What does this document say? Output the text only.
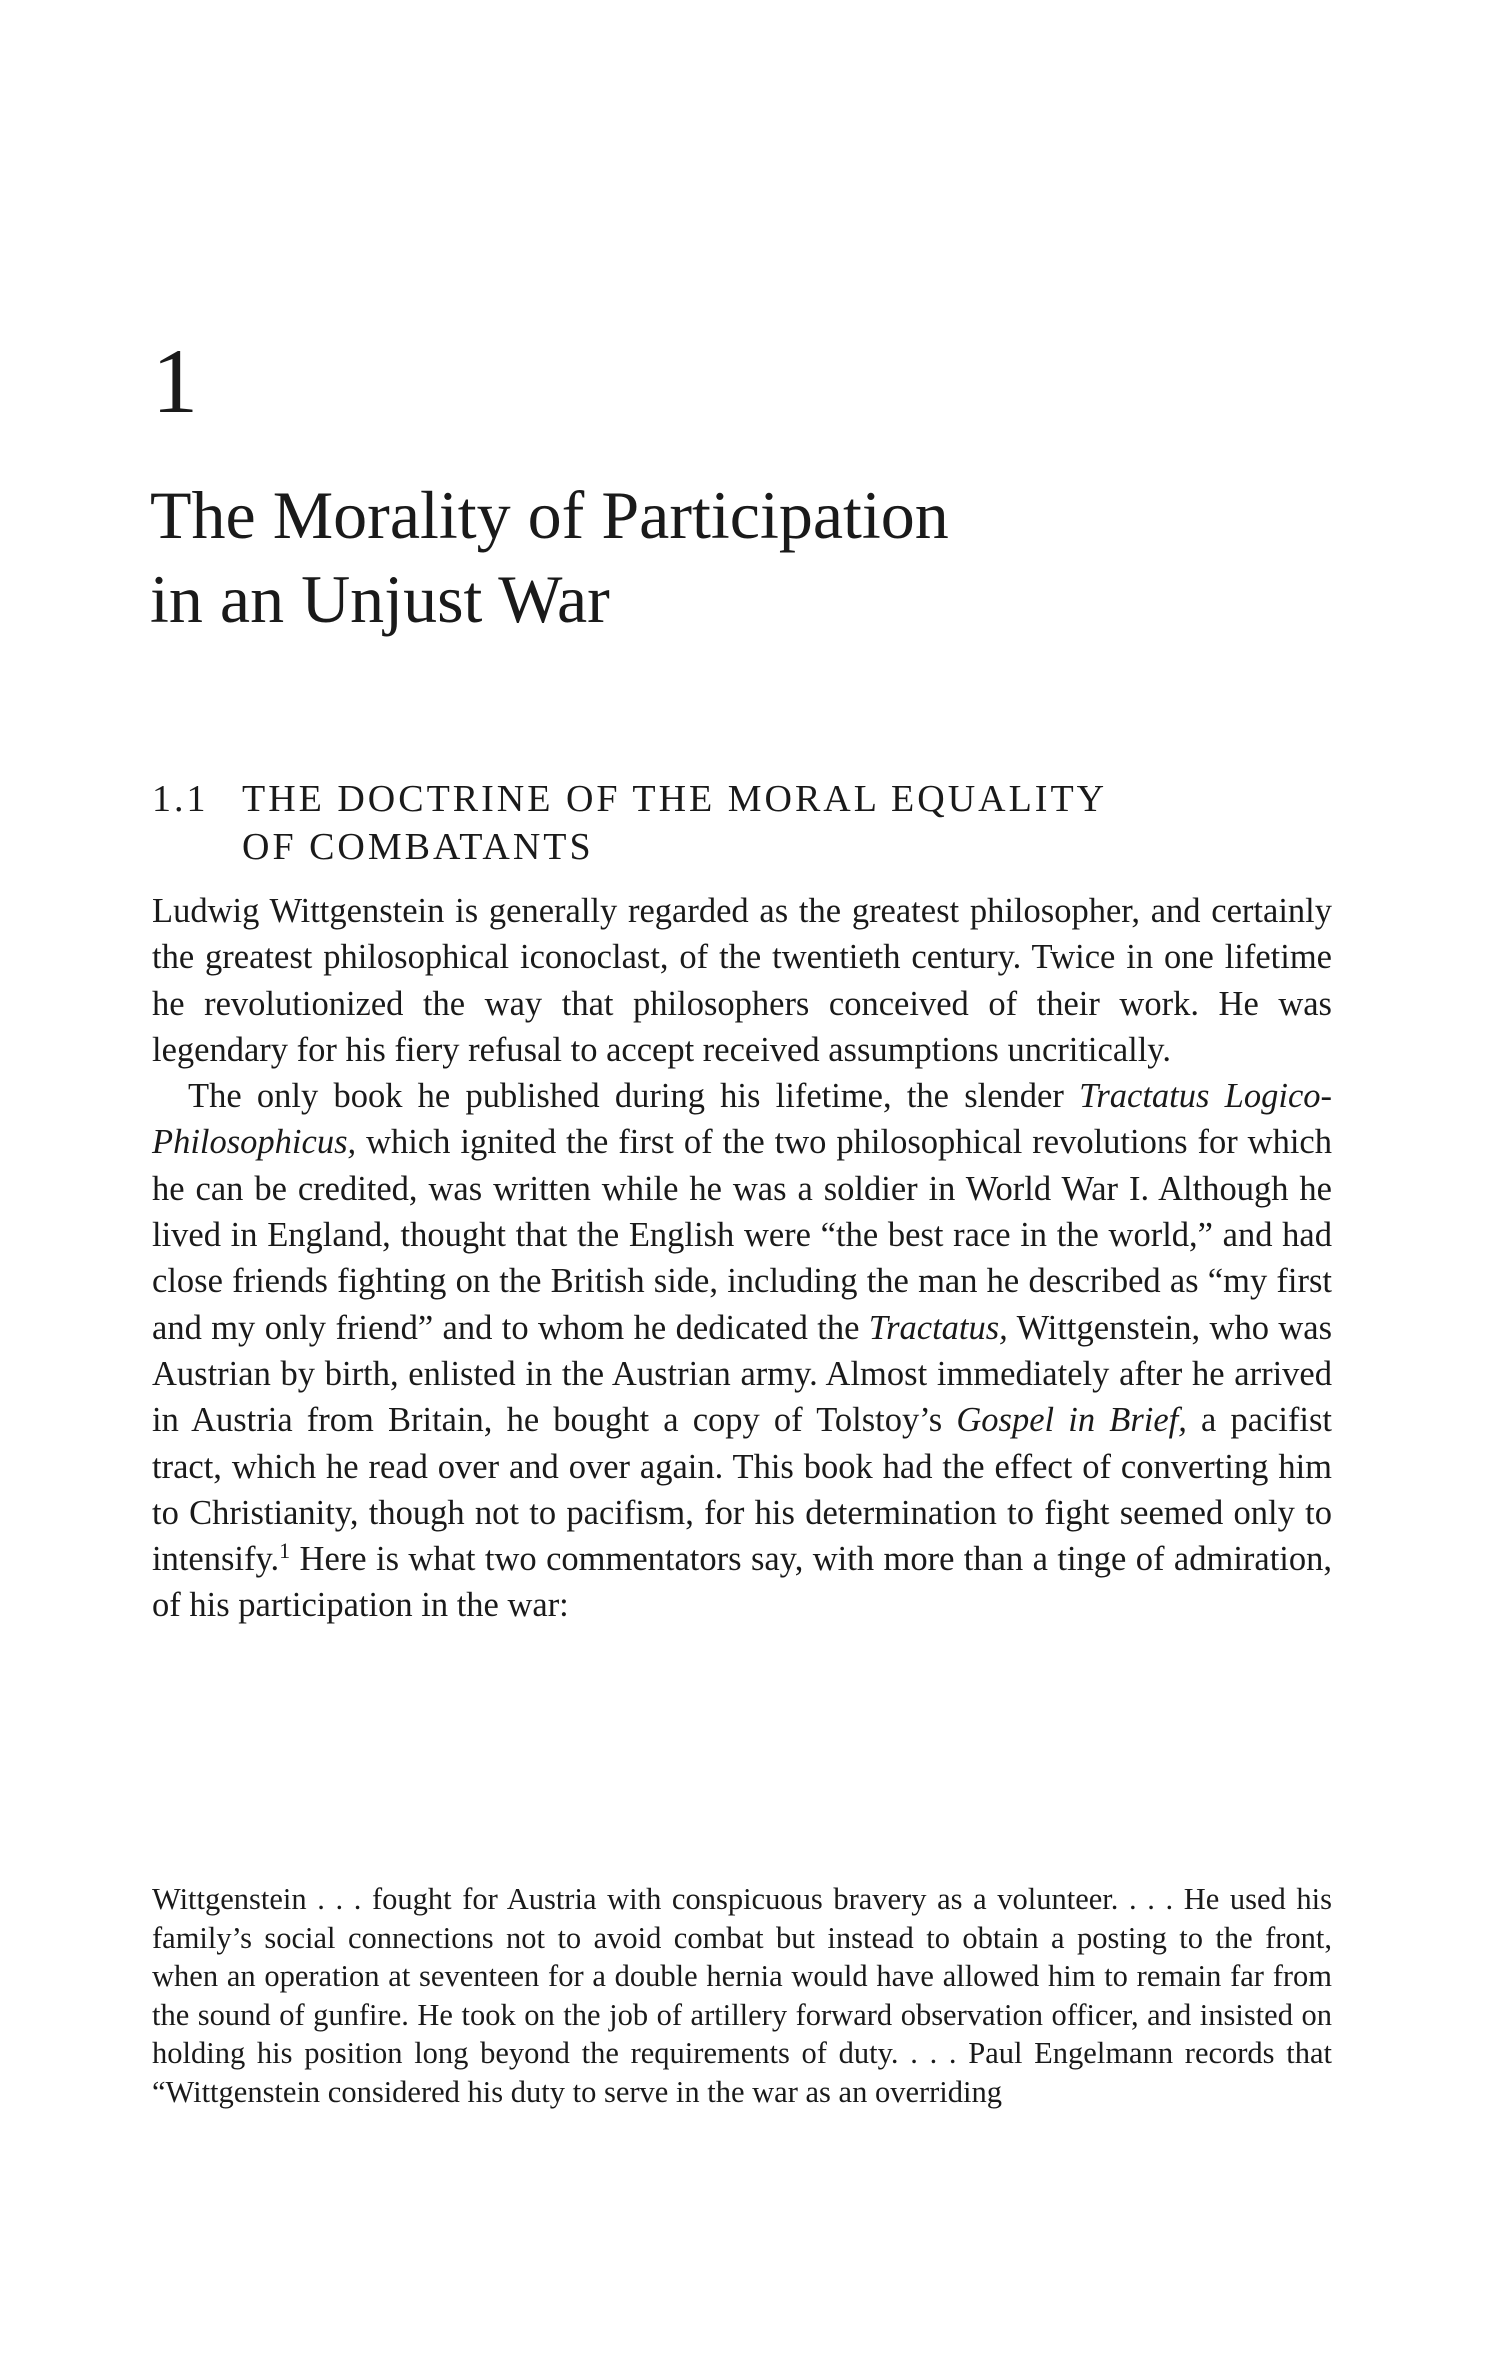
1
The Morality of Participation
in an Unjust War
1.1 THE DOCTRINE OF THE MORAL EQUALITY
OF COMBATANTS

Ludwig Wittgenstein is generally regarded as the greatest philosopher, and certainly the greatest philosophical iconoclast, of the twentieth century. Twice in one lifetime he revolutionized the way that philosophers conceived of their work. He was legendary for his fiery refusal to accept received assumptions uncritically.

The only book he published during his lifetime, the slender Tractatus Logico-Philosophicus, which ignited the first of the two philosophical revolutions for which he can be credited, was written while he was a soldier in World War I. Although he lived in England, thought that the English were “the best race in the world,” and had close friends fighting on the British side, including the man he described as “my first and my only friend” and to whom he dedicated the Tractatus, Wittgenstein, who was Austrian by birth, enlisted in the Austrian army. Almost immediately after he arrived in Austria from Britain, he bought a copy of Tolstoy’s Gospel in Brief, a pacifist tract, which he read over and over again. This book had the effect of converting him to Christianity, though not to pacifism, for his determination to fight seemed only to intensify.$^1$ Here is what two commentators say, with more than a tinge of admiration, of his participation in the war:

Wittgenstein . . . fought for Austria with conspicuous bravery as a volunteer. . . . He used his family’s social connections not to avoid combat but instead to obtain a posting to the front, when an operation at seventeen for a double hernia would have allowed him to remain far from the sound of gunfire. He took on the job of artillery forward observation officer, and insisted on holding his position long beyond the requirements of duty. . . . Paul Engelmann records that “Wittgenstein considered his duty to serve in the war as an overriding
